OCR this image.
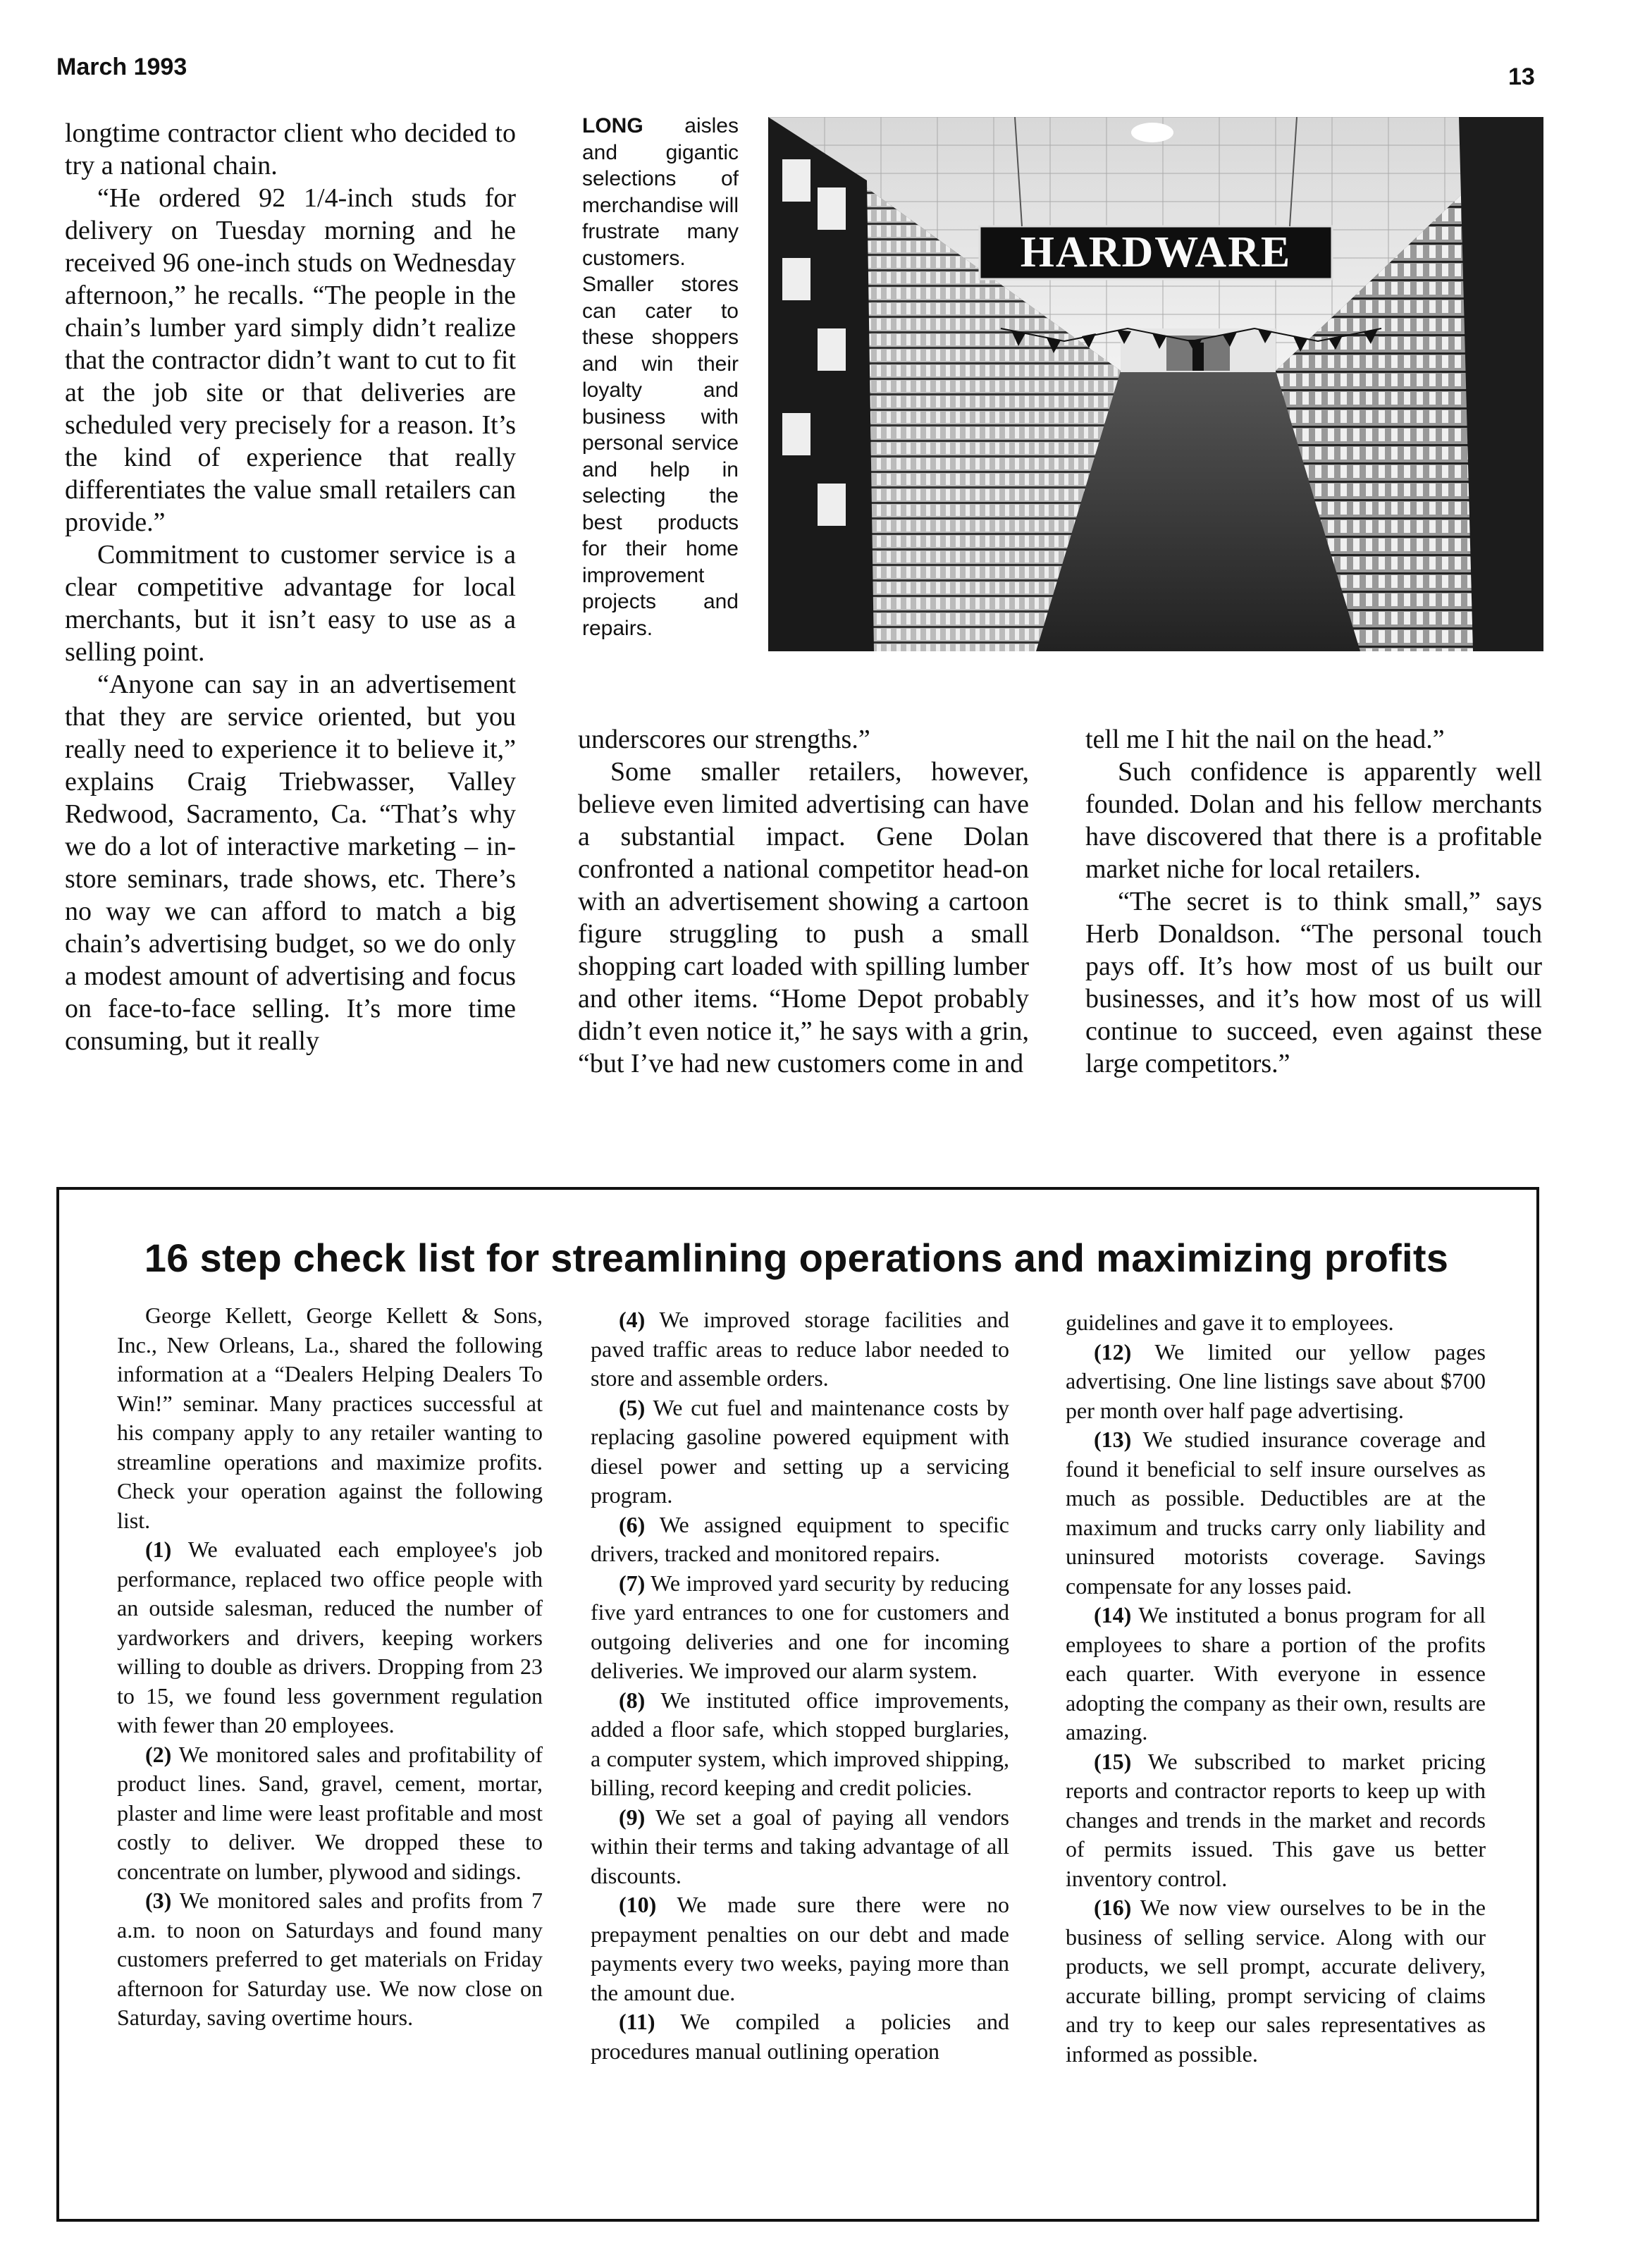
March 1993	13

longtime contractor client who decided to try a national chain.

“He ordered 92 1/4-inch studs for delivery on Tuesday morning and he received 96 one-inch studs on Wednesday afternoon,” he recalls. “The people in the chain’s lumber yard simply didn’t realize that the contractor didn’t want to cut to fit at the job site or that deliveries are scheduled very precisely for a reason. It’s the kind of experience that really differentiates the value small retailers can provide.”

Commitment to customer service is a clear competitive advantage for local merchants, but it isn’t easy to use as a selling point.

“Anyone can say in an advertisement that they are service oriented, but you really need to experience it to believe it,” explains Craig Triebwasser, Valley Redwood, Sacramento, Ca. “That’s why we do a lot of interactive marketing – in-store seminars, trade shows, etc. There’s no way we can afford to match a big chain’s advertising budget, so we do only a modest amount of advertising and focus on face-to-face selling. It’s more time consuming, but it really

LONG aisles and gigantic selections of merchandise will frustrate many customers. Smaller stores can cater to these shoppers and win their loyalty and business with personal service and help in selecting the best products for their home improvement projects and repairs.

HARDWARE

underscores our strengths.”

Some smaller retailers, however, believe even limited advertising can have a substantial impact. Gene Dolan confronted a national competitor head-on with an advertisement showing a cartoon figure struggling to push a small shopping cart loaded with spilling lumber and other items. “Home Depot probably didn’t even notice it,” he says with a grin, “but I’ve had new customers come in and

tell me I hit the nail on the head.”

Such confidence is apparently well founded. Dolan and his fellow merchants have discovered that there is a profitable market niche for local retailers.

“The secret is to think small,” says Herb Donaldson. “The personal touch pays off. It’s how most of us built our businesses, and it’s how most of us will continue to succeed, even against these large competitors.”

16 step check list for streamlining operations and maximizing profits

George Kellett, George Kellett & Sons, Inc., New Orleans, La., shared the following information at a “Dealers Helping Dealers To Win!” seminar. Many practices successful at his company apply to any retailer wanting to streamline operations and maximize profits. Check your operation against the following list.

(1) We evaluated each employee's job performance, replaced two office people with an outside salesman, reduced the number of yardworkers and drivers, keeping workers willing to double as drivers. Dropping from 23 to 15, we found less government regulation with fewer than 20 employees.

(2) We monitored sales and profitability of product lines. Sand, gravel, cement, mortar, plaster and lime were least profitable and most costly to deliver. We dropped these to concentrate on lumber, plywood and sidings.

(3) We monitored sales and profits from 7 a.m. to noon on Saturdays and found many customers preferred to get materials on Friday afternoon for Saturday use. We now close on Saturday, saving overtime hours.

(4) We improved storage facilities and paved traffic areas to reduce labor needed to store and assemble orders.

(5) We cut fuel and maintenance costs by replacing gasoline powered equipment with diesel power and setting up a servicing program.

(6) We assigned equipment to specific drivers, tracked and monitored repairs.

(7) We improved yard security by reducing five yard entrances to one for customers and outgoing deliveries and one for incoming deliveries. We improved our alarm system.

(8) We instituted office improvements, added a floor safe, which stopped burglaries, a computer system, which improved shipping, billing, record keeping and credit policies.

(9) We set a goal of paying all vendors within their terms and taking advantage of all discounts.

(10) We made sure there were no prepayment penalties on our debt and made payments every two weeks, paying more than the amount due.

(11) We compiled a policies and procedures manual outlining operation

guidelines and gave it to employees.

(12) We limited our yellow pages advertising. One line listings save about $700 per month over half page advertising.

(13) We studied insurance coverage and found it beneficial to self insure ourselves as much as possible. Deductibles are at the maximum and trucks carry only liability and uninsured motorists coverage. Savings compensate for any losses paid.

(14) We instituted a bonus program for all employees to share a portion of the profits each quarter. With everyone in essence adopting the company as their own, results are amazing.

(15) We subscribed to market pricing reports and contractor reports to keep up with changes and trends in the market and records of permits issued. This gave us better inventory control.

(16) We now view ourselves to be in the business of selling service. Along with our products, we sell prompt, accurate delivery, accurate billing, prompt servicing of claims and try to keep our sales representatives as informed as possible.
